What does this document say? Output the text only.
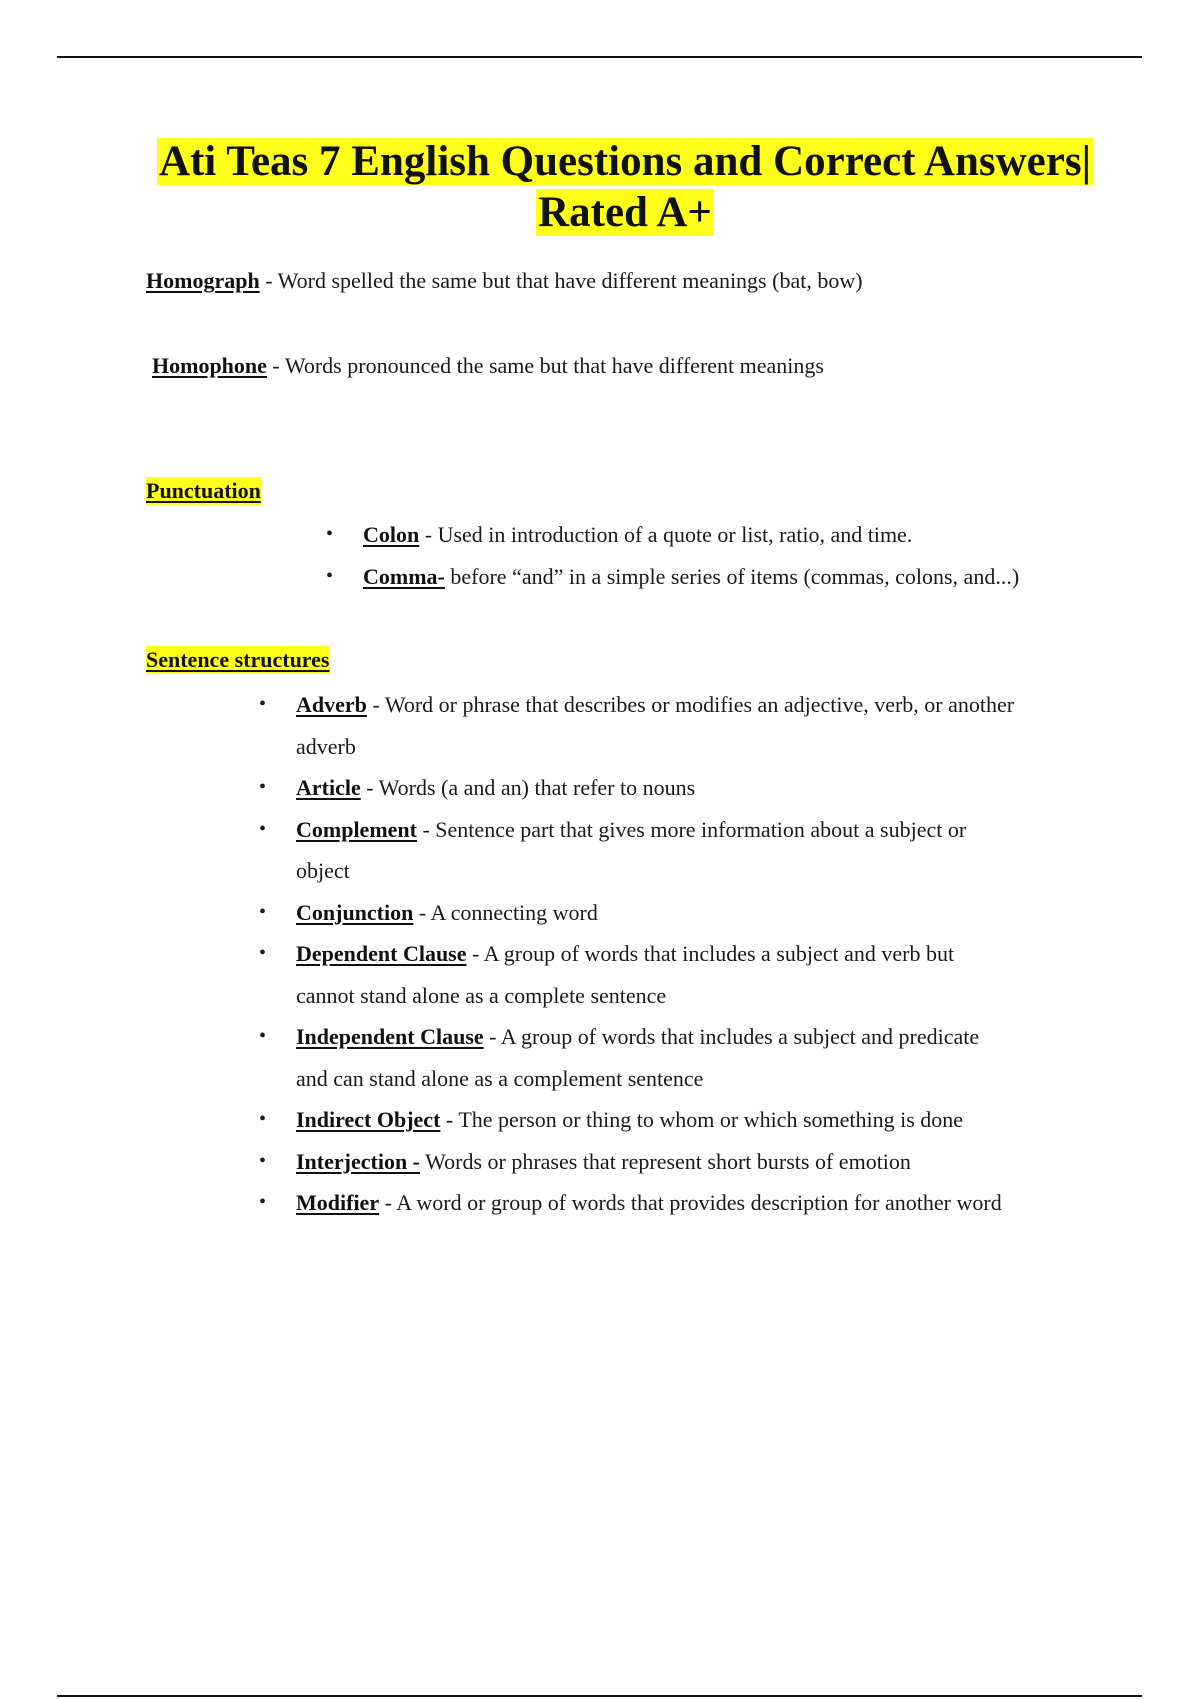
Ati Teas 7 English Questions and Correct Answers|
Rated A+
Homograph - Word spelled the same but that have different meanings (bat, bow)
Homophone - Words pronounced the same but that have different meanings
Punctuation
• Colon - Used in introduction of a quote or list, ratio, and time.
• Comma- before “and” in a simple series of items (commas, colons, and...)
Sentence structures
• Adverb - Word or phrase that describes or modifies an adjective, verb, or another
adverb
• Article - Words (a and an) that refer to nouns
• Complement - Sentence part that gives more information about a subject or
object
• Conjunction - A connecting word
• Dependent Clause - A group of words that includes a subject and verb but
cannot stand alone as a complete sentence
• Independent Clause - A group of words that includes a subject and predicate
and can stand alone as a complement sentence
• Indirect Object - The person or thing to whom or which something is done
• Interjection - Words or phrases that represent short bursts of emotion
• Modifier - A word or group of words that provides description for another word
